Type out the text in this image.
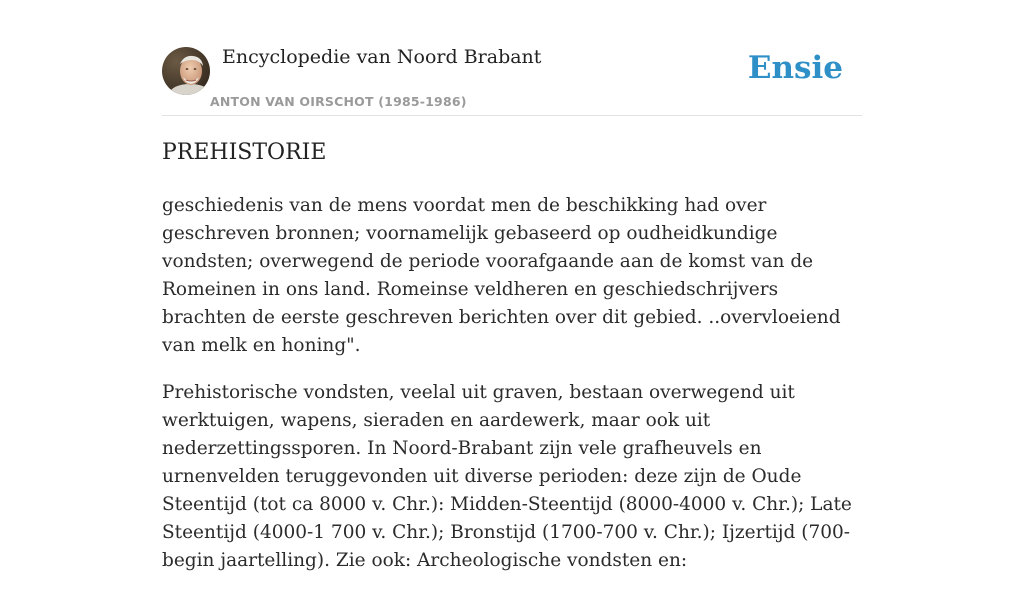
Encyclopedie van Noord Brabant
ANTON VAN OIRSCHOT (1985-1986)
Ensie
PREHISTORIE

geschiedenis van de mens voordat men de beschikking had over geschreven bronnen; voornamelijk gebaseerd op oudheidkundige vondsten; overwegend de periode voorafgaande aan de komst van de Romeinen in ons land. Romeinse veldheren en geschiedschrijvers brachten de eerste geschreven berichten over dit gebied. ..overvloeiend van melk en honing".

Prehistorische vondsten, veelal uit graven, bestaan overwegend uit werktuigen, wapens, sieraden en aardewerk, maar ook uit nederzettingssporen. In Noord-Brabant zijn vele grafheuvels en urnenvelden teruggevonden uit diverse perioden: deze zijn de Oude Steentijd (tot ca 8000 v. Chr.): Midden-Steentijd (8000-4000 v. Chr.); Late Steentijd (4000-1 700 v. Chr.); Bronstijd (1700-700 v. Chr.); Ijzertijd (700-begin jaartelling). Zie ook: Archeologische vondsten en:
